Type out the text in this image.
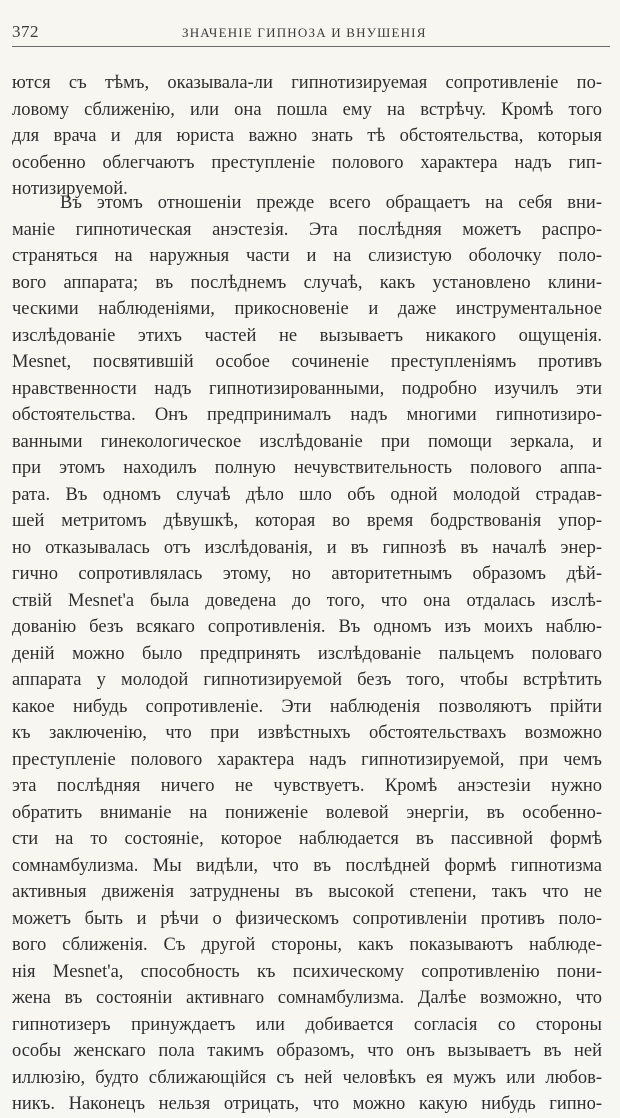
372	ЗНАЧЕНІЕ ГИПНОЗА И ВНУШЕНІЯ
ются съ тѣмъ, оказывала-ли гипнотизируемая сопротивленіе по-
ловому сближенію, или она пошла ему на встрѣчу. Кромѣ того
для врача и для юриста важно знать тѣ обстоятельства, которыя
особенно облегчаютъ преступленіе полового характера надъ гип-
нотизируемой.
Въ этомъ отношеніи прежде всего обращаетъ на себя вни-
маніе гипнотическая анэстезія. Эта послѣдняя можетъ распро-
страняться на наружныя части и на слизистую оболочку поло-
вого аппарата; въ послѣднемъ случаѣ, какъ установлено клини-
ческими наблюденіями, прикосновеніе и даже инструментальное
изслѣдованіе этихъ частей не вызываетъ никакого ощущенія.
Mesnet, посвятившій особое сочиненіе преступленіямъ противъ
нравственности надъ гипнотизированными, подробно изучилъ эти
обстоятельства. Онъ предпринималъ надъ многими гипнотизиро-
ванными гинекологическое изслѣдованіе при помощи зеркала, и
при этомъ находилъ полную нечувствительность полового аппа-
рата. Въ одномъ случаѣ дѣло шло объ одной молодой страдав-
шей метритомъ дѣвушкѣ, которая во время бодрствованія упор-
но отказывалась отъ изслѣдованія, и въ гипнозѣ въ началѣ энер-
гично сопротивлялась этому, но авторитетнымъ образомъ дѣй-
ствій Mesnet'а была доведена до того, что она отдалась изслѣ-
дованію безъ всякаго сопротивленія. Въ одномъ изъ моихъ наблю-
деній можно было предпринять изслѣдованіе пальцемъ половаго
аппарата у молодой гипнотизируемой безъ того, чтобы встрѣтить
какое нибудь сопротивленіе. Эти наблюденія позволяютъ прійти
къ заключенію, что при извѣстныхъ обстоятельствахъ возможно
преступленіе полового характера надъ гипнотизируемой, при чемъ
эта послѣдняя ничего не чувствуетъ. Кромѣ анэстезіи нужно
обратить вниманіе на пониженіе волевой энергіи, въ особенно-
сти на то состояніе, которое наблюдается въ пассивной формѣ
сомнамбулизма. Мы видѣли, что въ послѣдней формѣ гипнотизма
активныя движенія затруднены въ высокой степени, такъ что не
можетъ быть и рѣчи о физическомъ сопротивленіи противъ поло-
вого сближенія. Съ другой стороны, какъ показываютъ наблюде-
нія Mesnet'а, способность къ психическому сопротивленію пони-
жена въ состояніи активнаго сомнамбулизма. Далѣе возможно, что
гипнотизеръ принуждаетъ или добивается согласія со стороны
особы женскаго пола такимъ образомъ, что онъ вызываетъ въ ней
иллюзію, будто сближающійся съ ней человѣкъ ея мужъ или любов-
никъ. Наконецъ нельзя отрицать, что можно какую нибудь гипно-
